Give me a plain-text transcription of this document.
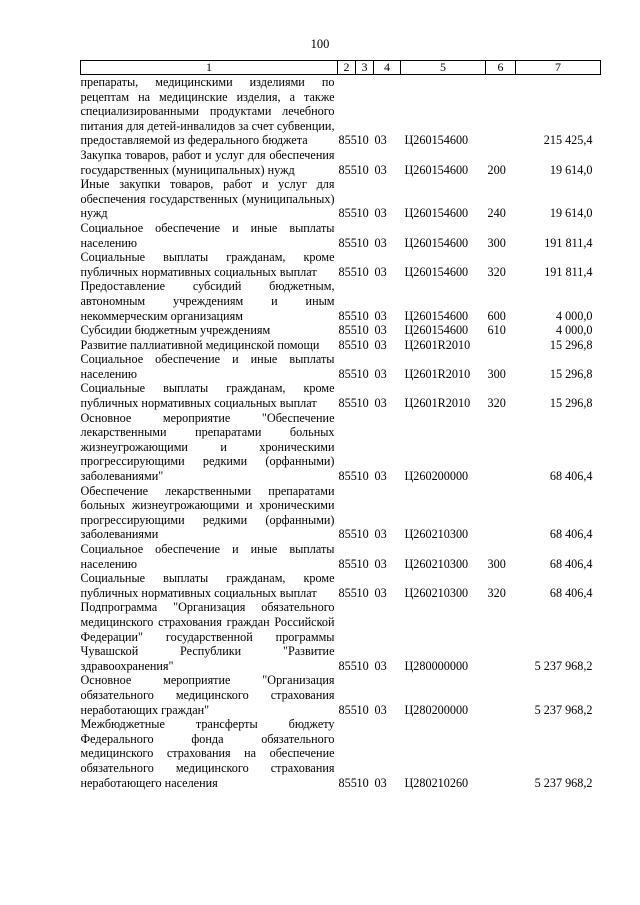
100
1	2	3	4	5	6	7
препараты, медицинскими изделиями по рецептам на медицинские изделия, а также специализированными продуктами лечебного питания для детей-инвалидов за счет субвенции, предоставляемой из федерального бюджета	855	10	03	Ц260154600		215 425,4
Закупка товаров, работ и услуг для обеспечения государственных (муниципальных) нужд	855	10	03	Ц260154600	200	19 614,0
Иные закупки товаров, работ и услуг для обеспечения государственных (муниципальных) нужд	855	10	03	Ц260154600	240	19 614,0
Социальное обеспечение и иные выплаты населению	855	10	03	Ц260154600	300	191 811,4
Социальные выплаты гражданам, кроме публичных нормативных социальных выплат	855	10	03	Ц260154600	320	191 811,4
Предоставление субсидий бюджетным, автономным учреждениям и иным некоммерческим организациям	855	10	03	Ц260154600	600	4 000,0
Субсидии бюджетным учреждениям	855	10	03	Ц260154600	610	4 000,0
Развитие паллиативной медицинской помощи	855	10	03	Ц2601R2010		15 296,8
Социальное обеспечение и иные выплаты населению	855	10	03	Ц2601R2010	300	15 296,8
Социальные выплаты гражданам, кроме публичных нормативных социальных выплат	855	10	03	Ц2601R2010	320	15 296,8
Основное мероприятие "Обеспечение лекарственными препаратами больных жизнеугрожающими и хроническими прогрессирующими редкими (орфанными) заболеваниями"	855	10	03	Ц260200000		68 406,4
Обеспечение лекарственными препаратами больных жизнеугрожающими и хроническими прогрессирующими редкими (орфанными) заболеваниями	855	10	03	Ц260210300		68 406,4
Социальное обеспечение и иные выплаты населению	855	10	03	Ц260210300	300	68 406,4
Социальные выплаты гражданам, кроме публичных нормативных социальных выплат	855	10	03	Ц260210300	320	68 406,4
Подпрограмма "Организация обязательного медицинского страхования граждан Российской Федерации" государственной программы Чувашской Республики "Развитие здравоохранения"	855	10	03	Ц280000000		5 237 968,2
Основное мероприятие "Организация обязательного медицинского страхования неработающих граждан"	855	10	03	Ц280200000		5 237 968,2
Межбюджетные трансферты бюджету Федерального фонда обязательного медицинского страхования на обеспечение обязательного медицинского страхования неработающего населения	855	10	03	Ц280210260		5 237 968,2
